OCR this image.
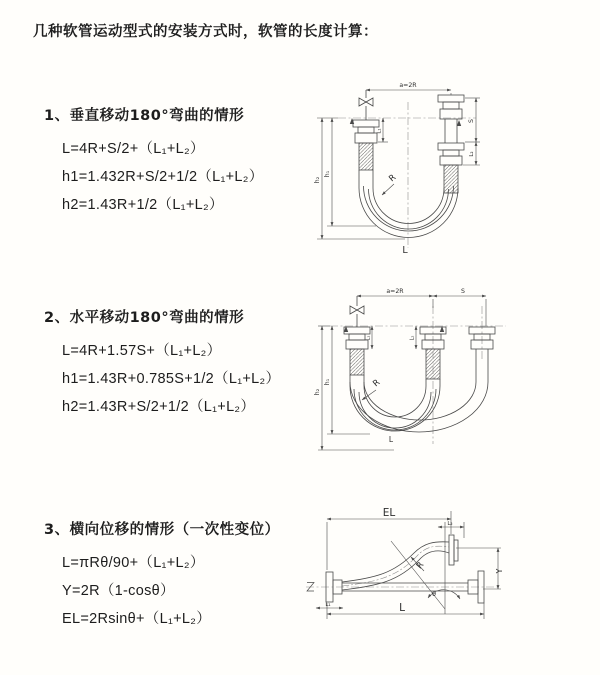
几种软管运动型式的安装方式时，软管的长度计算：
1、垂直移动180°弯曲的情形
L=4R+S/2+（L₁+L₂）
h1=1.432R+S/2+1/2（L₁+L₂）
h2=1.43R+1/2（L₁+L₂）
2、水平移动180°弯曲的情形
L=4R+1.57S+（L₁+L₂）
h1=1.43R+0.785S+1/2（L₁+L₂）
h2=1.43R+S/2+1/2（L₁+L₂）
3、横向位移的情形（一次性变位）
L=πRθ/90+（L₁+L₂）
Y=2R（1-cosθ）
EL=2Rsinθ+（L₁+L₂）
a=2R
h₂
h₁
L₁
S
L₂
R
L
a=2R	S
h₂
h₁
L₁	L₂
R
L
EL
L₂
Y
R
θ
L
L₁
